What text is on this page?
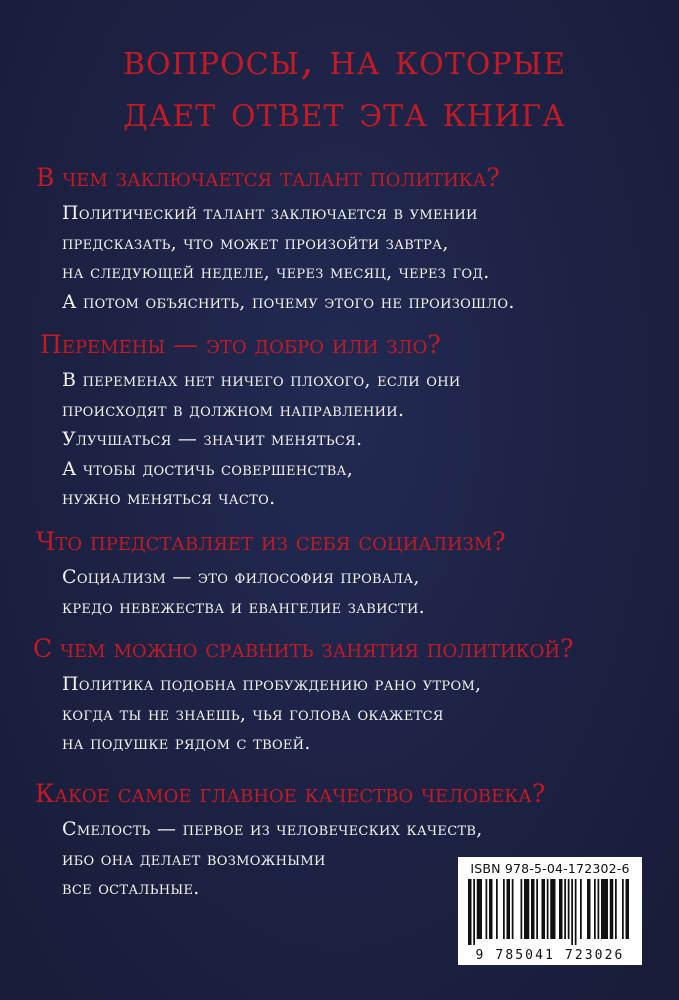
вопросы, на которые
дает ответ эта книга
В чем заключается талант политика?
Политический талант заключается в умении
предсказать, что может произойти завтра,
на следующей неделе, через месяц, через год.
А потом объяснить, почему этого не произошло.
Перемены — это добро или зло?
В переменах нет ничего плохого, если они
происходят в должном направлении.
Улучшаться — значит меняться.
А чтобы достичь совершенства,
нужно меняться часто.
Что представляет из себя социализм?
Социализм — это философия провала,
кредо невежества и евангелие зависти.
С чем можно сравнить занятия политикой?
Политика подобна пробуждению рано утром,
когда ты не знаешь, чья голова окажется
на подушке рядом с твоей.
Какое самое главное качество человека?
Смелость — первое из человеческих качеств,
ибо она делает возможными
все остальные.
ISBN 978-5-04-172302-6
9 785041 723026
